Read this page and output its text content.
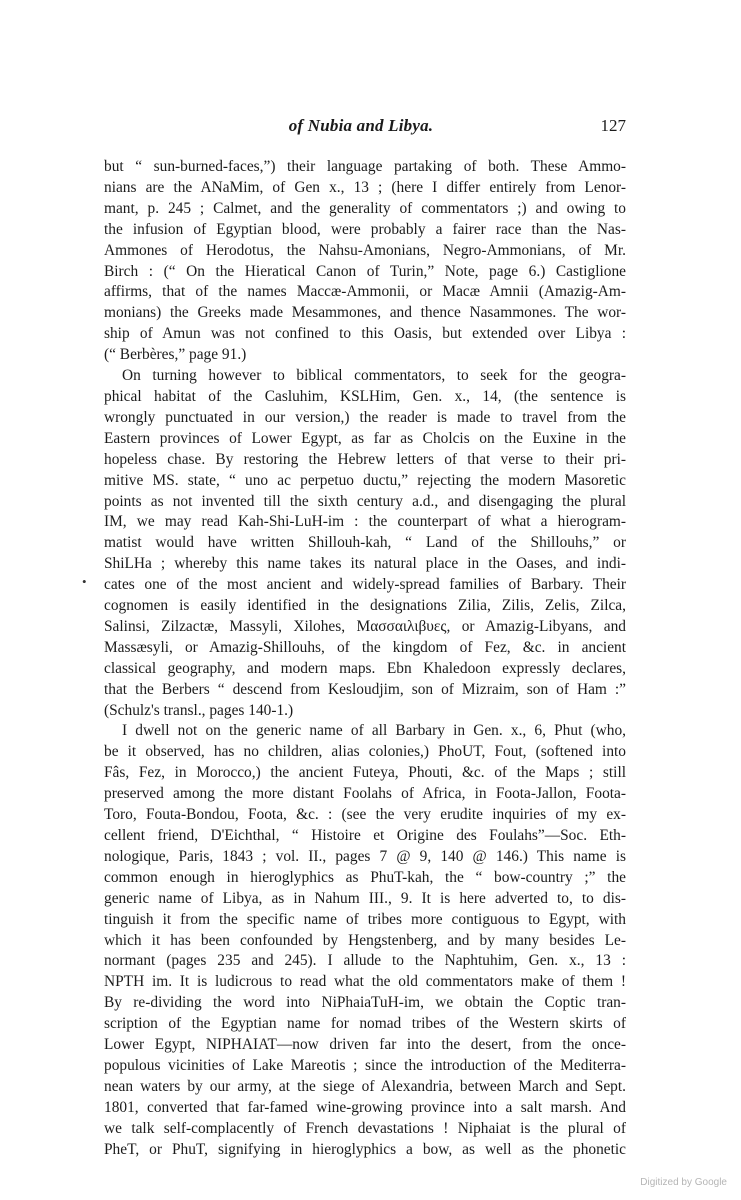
of Nubia and Libya.	127
•
but “ sun-burned-faces,”) their language partaking of both. These Ammo-
nians are the ANaMim, of Gen x., 13 ; (here I differ entirely from Lenor-
mant, p. 245 ; Calmet, and the generality of commentators ;) and owing to
the infusion of Egyptian blood, were probably a fairer race than the Nas-
Ammones of Herodotus, the Nahsu-Amonians, Negro-Ammonians, of Mr.
Birch : (“ On the Hieratical Canon of Turin,” Note, page 6.) Castiglione
affirms, that of the names Maccæ-Ammonii, or Macæ Amnii (Amazig-Am-
monians) the Greeks made Mesammones, and thence Nasammones. The wor-
ship of Amun was not confined to this Oasis, but extended over Libya :
(“ Berbères,” page 91.)
On turning however to biblical commentators, to seek for the geogra-
phical habitat of the Casluhim, KSLHim, Gen. x., 14, (the sentence is
wrongly punctuated in our version,) the reader is made to travel from the
Eastern provinces of Lower Egypt, as far as Cholcis on the Euxine in the
hopeless chase. By restoring the Hebrew letters of that verse to their pri-
mitive MS. state, “ uno ac perpetuo ductu,” rejecting the modern Masoretic
points as not invented till the sixth century a.d., and disengaging the plural
IM, we may read Kah-Shi-LuH-im : the counterpart of what a hierogram-
matist would have written Shillouh-kah, “ Land of the Shillouhs,” or
ShiLHa ; whereby this name takes its natural place in the Oases, and indi-
cates one of the most ancient and widely-spread families of Barbary. Their
cognomen is easily identified in the designations Zilia, Zilis, Zelis, Zilca,
Salinsi, Zilzactæ, Massyli, Xilohes, Μασσαιλιβυες, or Amazig-Libyans, and
Massæsyli, or Amazig-Shillouhs, of the kingdom of Fez, &c. in ancient
classical geography, and modern maps. Ebn Khaledoon expressly declares,
that the Berbers “ descend from Kesloudjim, son of Mizraim, son of Ham :”
(Schulz's transl., pages 140-1.)
I dwell not on the generic name of all Barbary in Gen. x., 6, Phut (who,
be it observed, has no children, alias colonies,) PhoUT, Fout, (softened into
Fâs, Fez, in Morocco,) the ancient Futeya, Phouti, &c. of the Maps ; still
preserved among the more distant Foolahs of Africa, in Foota-Jallon, Foota-
Toro, Fouta-Bondou, Foota, &c. : (see the very erudite inquiries of my ex-
cellent friend, D'Eichthal, “ Histoire et Origine des Foulahs”—Soc. Eth-
nologique, Paris, 1843 ; vol. II., pages 7 @ 9, 140 @ 146.) This name is
common enough in hieroglyphics as PhuT-kah, the “ bow-country ;” the
generic name of Libya, as in Nahum III., 9. It is here adverted to, to dis-
tinguish it from the specific name of tribes more contiguous to Egypt, with
which it has been confounded by Hengstenberg, and by many besides Le-
normant (pages 235 and 245). I allude to the Naphtuhim, Gen. x., 13 :
NPTH im. It is ludicrous to read what the old commentators make of them !
By re-dividing the word into NiPhaiaTuH-im, we obtain the Coptic tran-
scription of the Egyptian name for nomad tribes of the Western skirts of
Lower Egypt, NIPHAIAT—now driven far into the desert, from the once-
populous vicinities of Lake Mareotis ; since the introduction of the Mediterra-
nean waters by our army, at the siege of Alexandria, between March and Sept.
1801, converted that far-famed wine-growing province into a salt marsh. And
we talk self-complacently of French devastations ! Niphaiat is the plural of
PheT, or PhuT, signifying in hieroglyphics a bow, as well as the phonetic
Digitized by Google
